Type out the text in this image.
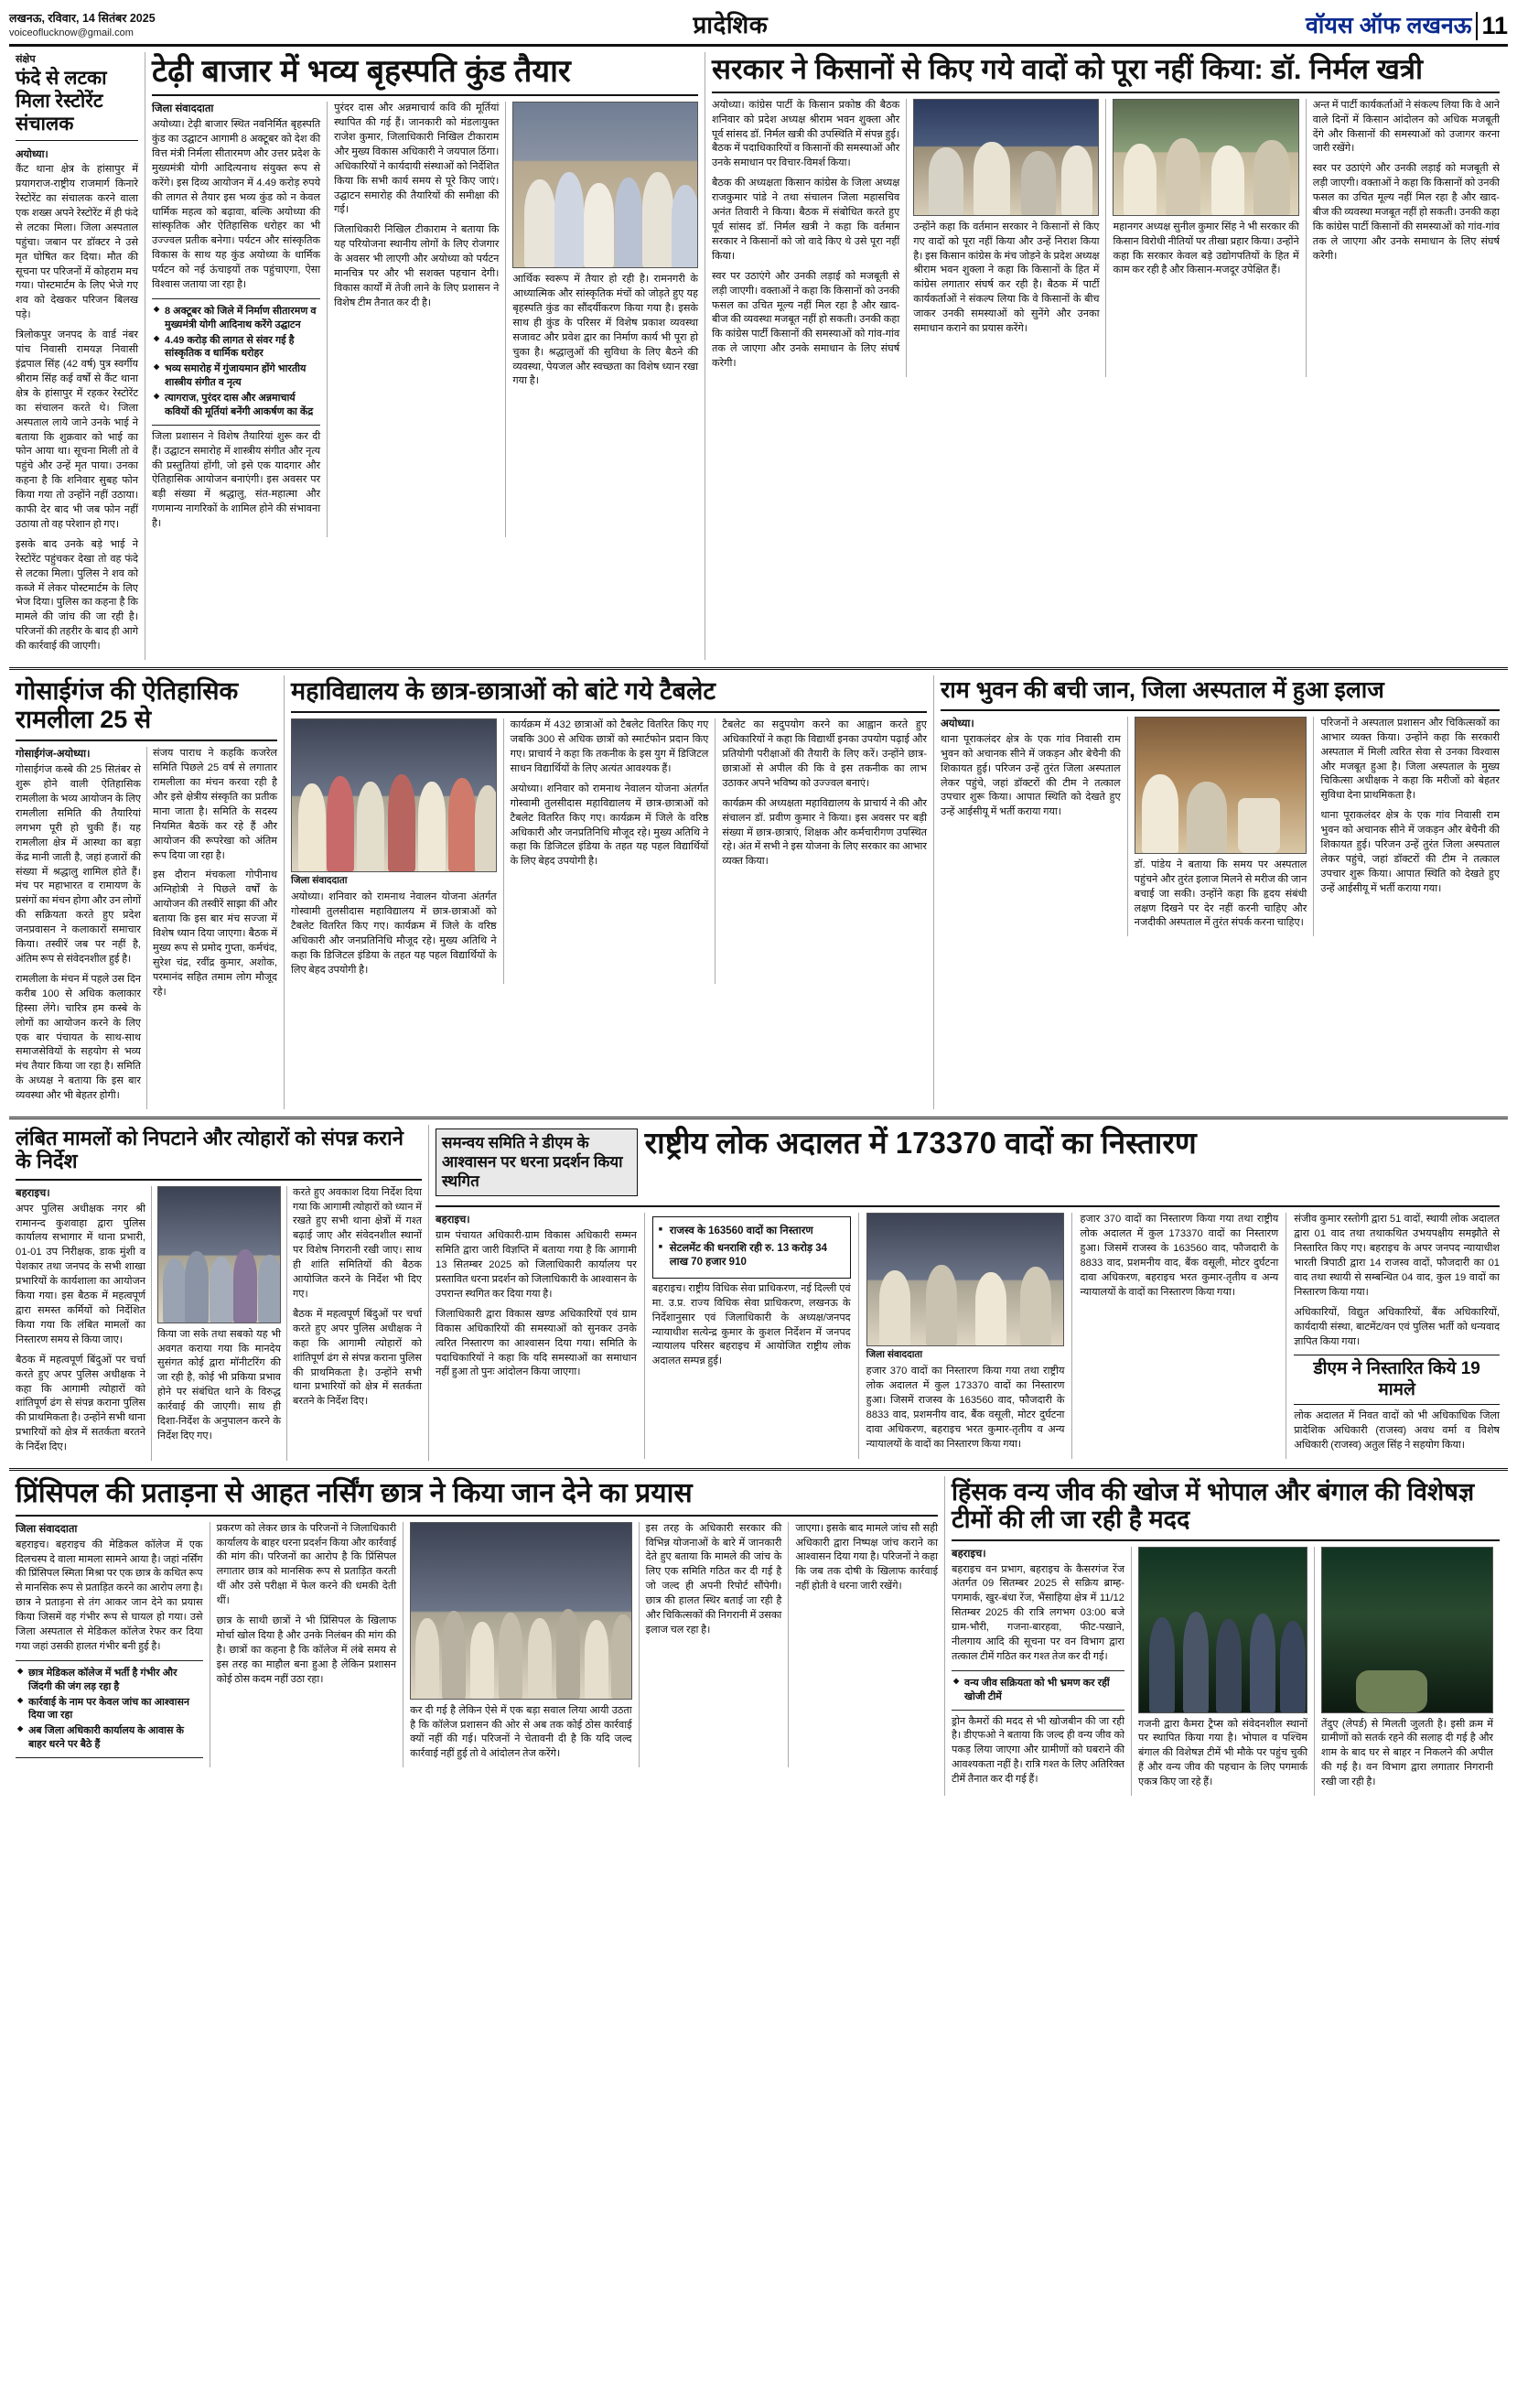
लखनऊ, रविवार, 14 सितंबर 2025
voiceoflucknow@gmail.com	प्रादेशिक	वॉयस ऑफ लखनऊ 11
संक्षेप
फंदे से लटका मिला रेस्टोरेंट संचालक

अयोध्या।

कैंट थाना क्षेत्र के हांसापुर में प्रयागराज-राष्ट्रीय राजमार्ग किनारे रेस्टोरेंट का संचालक करने वाला एक शख्स अपने रेस्टोरेंट में ही फंदे से लटका मिला। जिला अस्पताल पहुंचा। जबान पर डॉक्टर ने उसे मृत घोषित कर दिया। मौत की सूचना पर परिजनों में कोहराम मच गया। पोस्टमार्टम के लिए भेजे गए शव को देखकर परिजन बिलख पड़े।

त्रिलोकपुर जनपद के वार्ड नंबर पांच निवासी रामयज्ञ निवासी इंद्रपाल सिंह (42 वर्ष) पुत्र स्वर्गीय श्रीराम सिंह कई वर्षों से कैंट थाना क्षेत्र के हांसापुर में रहकर रेस्टोरेंट का संचालन करते थे। जिला अस्पताल लाये जाने उनके भाई ने बताया कि शुक्रवार को भाई का फोन आया था। सूचना मिली तो वे पहुंचे और उन्हें मृत पाया। उनका कहना है कि शनिवार सुबह फोन किया गया तो उन्होंने नहीं उठाया। काफी देर बाद भी जब फोन नहीं उठाया तो वह परेशान हो गए।

इसके बाद उनके बड़े भाई ने रेस्टोरेंट पहुंचकर देखा तो वह फंदे से लटका मिला। पुलिस ने शव को कब्जे में लेकर पोस्टमार्टम के लिए भेज दिया। पुलिस का कहना है कि मामले की जांच की जा रही है। परिजनों की तहरीर के बाद ही आगे की कार्रवाई की जाएगी।

टेढ़ी बाजार में भव्य बृहस्पति कुंड तैयार
जिला संवाददाता

अयोध्या। टेढ़ी बाजार स्थित नवनिर्मित बृहस्पति कुंड का उद्घाटन आगामी 8 अक्टूबर को देश की वित्त मंत्री निर्मला सीतारमण और उत्तर प्रदेश के मुख्यमंत्री योगी आदित्यनाथ संयुक्त रूप से करेंगे। इस दिव्य आयोजन में 4.49 करोड़ रुपये की लागत से तैयार इस भव्य कुंड को न केवल धार्मिक महत्व को बढ़ावा, बल्कि अयोध्या की सांस्कृतिक और ऐतिहासिक धरोहर का भी उज्ज्वल प्रतीक बनेगा। पर्यटन और सांस्कृतिक विकास के साथ यह कुंड अयोध्या के धार्मिक पर्यटन को नई ऊंचाइयों तक पहुंचाएगा, ऐसा विश्वास जताया जा रहा है।

◆ 8 अक्टूबर को जिले में निर्माण सीतारमण व मुख्यमंत्री योगी आदिनाथ करेंगे उद्घाटन
◆ 4.49 करोड़ की लागत से संवर गई है सांस्कृतिक व धार्मिक धरोहर
◆ भव्य समारोह में गुंजायमान होंगे भारतीय शास्त्रीय संगीत व नृत्य
◆ त्यागराज, पुरंदर दास और अन्नमाचार्य कवियों की मूर्तियां बनेंगी आकर्षण का केंद्र

जिला प्रशासन ने विशेष तैयारियां शुरू कर दी हैं। उद्घाटन समारोह में शास्त्रीय संगीत और नृत्य की प्रस्तुतियां होंगी, जो इसे एक यादगार और ऐतिहासिक आयोजन बनाएंगी। इस अवसर पर बड़ी संख्या में श्रद्धालु, संत-महात्मा और गणमान्य नागरिकों के शामिल होने की संभावना है।

पुरंदर दास और अन्नमाचार्य कवि की मूर्तियां स्थापित की गई हैं। जानकारी को मंडलायुक्त राजेश कुमार, जिलाधिकारी निखिल टीकाराम और मुख्य विकास अधिकारी ने जयपाल ठिंगा। अधिकारियों ने कार्यदायी संस्थाओं को निर्देशित किया कि सभी कार्य समय से पूरे किए जाएं। उद्घाटन समारोह की तैयारियों की समीक्षा की गई।

जिलाधिकारी निखिल टीकाराम ने बताया कि यह परियोजना स्थानीय लोगों के लिए रोजगार के अवसर भी लाएगी और अयोध्या को पर्यटन मानचित्र पर और भी सशक्त पहचान देगी। विकास कार्यों में तेजी लाने के लिए प्रशासन ने विशेष टीम तैनात कर दी है।

आर्थिक स्वरूप में तैयार हो रही है। रामनगरी के आध्यात्मिक और सांस्कृतिक मंचों को जोड़ते हुए यह बृहस्पति कुंड का सौंदर्यीकरण किया गया है। इसके साथ ही कुंड के परिसर में विशेष प्रकाश व्यवस्था सजावट और प्रवेश द्वार का निर्माण कार्य भी पूरा हो चुका है। श्रद्धालुओं की सुविधा के लिए बैठने की व्यवस्था, पेयजल और स्वच्छता का विशेष ध्यान रखा गया है।

सरकार ने किसानों से किए गये वादों को पूरा नहीं किया: डॉ. निर्मल खत्री

अयोध्या। कांग्रेस पार्टी के किसान प्रकोष्ठ की बैठक शनिवार को प्रदेश अध्यक्ष श्रीराम भवन शुक्ला और पूर्व सांसद डॉ. निर्मल खत्री की उपस्थिति में संपन्न हुई। बैठक में पदाधिकारियों व किसानों की समस्याओं और उनके समाधान पर विचार-विमर्श किया।

बैठक की अध्यक्षता किसान कांग्रेस के जिला अध्यक्ष राजकुमार पांडे ने तथा संचालन जिला महासचिव अनंत तिवारी ने किया। बैठक में संबोधित करते हुए पूर्व सांसद डॉ. निर्मल खत्री ने कहा कि वर्तमान सरकार ने किसानों को जो वादे किए थे उसे पूरा नहीं किया।

स्वर पर उठाएंगे और उनकी लड़ाई को मजबूती से लड़ी जाएगी। वक्ताओं ने कहा कि किसानों को उनकी फसल का उचित मूल्य नहीं मिल रहा है और खाद-बीज की व्यवस्था मजबूत नहीं हो सकती। उनकी कहा कि कांग्रेस पार्टी किसानों की समस्याओं को गांव-गांव तक ले जाएगा और उनके समाधान के लिए संघर्ष करेगी।

उन्होंने कहा कि वर्तमान सरकार ने किसानों से किए गए वादों को पूरा नहीं किया और उन्हें निराश किया है। इस किसान कांग्रेस के मंच जोड़ने के प्रदेश अध्यक्ष श्रीराम भवन शुक्ला ने कहा कि किसानों के हित में कांग्रेस लगातार संघर्ष कर रही है। बैठक में पार्टी कार्यकर्ताओं ने संकल्प लिया कि वे किसानों के बीच जाकर उनकी समस्याओं को सुनेंगे और उनका समाधान कराने का प्रयास करेंगे।

महानगर अध्यक्ष सुनील कुमार सिंह ने भी सरकार की किसान विरोधी नीतियों पर तीखा प्रहार किया। उन्होंने कहा कि सरकार केवल बड़े उद्योगपतियों के हित में काम कर रही है और किसान-मजदूर उपेक्षित हैं।

अन्त में पार्टी कार्यकर्ताओं ने संकल्प लिया कि वे आने वाले दिनों में किसान आंदोलन को अधिक मजबूती देंगे और किसानों की समस्याओं को उजागर करना जारी रखेंगे।

स्वर पर उठाएंगे और उनकी लड़ाई को मजबूती से लड़ी जाएगी। वक्ताओं ने कहा कि किसानों को उनकी फसल का उचित मूल्य नहीं मिल रहा है और खाद-बीज की व्यवस्था मजबूत नहीं हो सकती। उनकी कहा कि कांग्रेस पार्टी किसानों की समस्याओं को गांव-गांव तक ले जाएगा और उनके समाधान के लिए संघर्ष करेगी।

गोसाईगंज की ऐतिहासिक रामलीला 25 से
गोसाईगंज-अयोध्या।

गोसाईगंज कस्बे की 25 सितंबर से शुरू होने वाली ऐतिहासिक रामलीला के भव्य आयोजन के लिए रामलीला समिति की तैयारियां लगभग पूरी हो चुकी हैं। यह रामलीला क्षेत्र में आस्था का बड़ा केंद्र मानी जाती है, जहां हजारों की संख्या में श्रद्धालु शामिल होते हैं। मंच पर महाभारत व रामायण के प्रसंगों का मंचन होगा और उन लोगों की सक्रियता करते हुए प्रदेश जनप्रवासन ने कलाकारों समाचार किया। तस्वीरें जब पर नहीं है, अंतिम रूप से संवेदनशील हुई है।

रामलीला के मंचन में पहले उस दिन करीब 100 से अधिक कलाकार हिस्सा लेंगे। चारित्र हम कस्बे के लोगों का आयोजन करने के लिए एक बार पंचायत के साथ-साथ समाजसेवियों के सहयोग से भव्य मंच तैयार किया जा रहा है। समिति के अध्यक्ष ने बताया कि इस बार व्यवस्था और भी बेहतर होगी।

संजय पाराध ने कहकि कजरेल समिति पिछले 25 वर्ष से लगातार रामलीला का मंचन करवा रही है और इसे क्षेत्रीय संस्कृति का प्रतीक माना जाता है। समिति के सदस्य नियमित बैठकें कर रहे हैं और आयोजन की रूपरेखा को अंतिम रूप दिया जा रहा है।

इस दौरान मंचकला गोपीनाथ अग्निहोत्री ने पिछले वर्षों के आयोजन की तस्वीरें साझा कीं और बताया कि इस बार मंच सज्जा में विशेष ध्यान दिया जाएगा। बैठक में मुख्य रूप से प्रमोद गुप्ता, कर्मचंद, सुरेश चंद्र, रवींद्र कुमार, अशोक, परमानंद सहित तमाम लोग मौजूद रहे।

महाविद्यालय के छात्र-छात्राओं को बांटे गये टैबलेट
जिला संवाददाता

अयोध्या। शनिवार को रामनाथ नेवालन योजना अंतर्गत गोस्वामी तुलसीदास महाविद्यालय में छात्र-छात्राओं को टैबलेट वितरित किए गए। कार्यक्रम में जिले के वरिष्ठ अधिकारी और जनप्रतिनिधि मौजूद रहे। मुख्य अतिथि ने कहा कि डिजिटल इंडिया के तहत यह पहल विद्यार्थियों के लिए बेहद उपयोगी है।

कार्यक्रम में 432 छात्राओं को टैबलेट वितरित किए गए जबकि 300 से अधिक छात्रों को स्मार्टफोन प्रदान किए गए। प्राचार्य ने कहा कि तकनीक के इस युग में डिजिटल साधन विद्यार्थियों के लिए अत्यंत आवश्यक हैं।

अयोध्या। शनिवार को रामनाथ नेवालन योजना अंतर्गत गोस्वामी तुलसीदास महाविद्यालय में छात्र-छात्राओं को टैबलेट वितरित किए गए। कार्यक्रम में जिले के वरिष्ठ अधिकारी और जनप्रतिनिधि मौजूद रहे। मुख्य अतिथि ने कहा कि डिजिटल इंडिया के तहत यह पहल विद्यार्थियों के लिए बेहद उपयोगी है।

टैबलेट का सदुपयोग करने का आह्वान करते हुए अधिकारियों ने कहा कि विद्यार्थी इनका उपयोग पढ़ाई और प्रतियोगी परीक्षाओं की तैयारी के लिए करें। उन्होंने छात्र-छात्राओं से अपील की कि वे इस तकनीक का लाभ उठाकर अपने भविष्य को उज्ज्वल बनाएं।

कार्यक्रम की अध्यक्षता महाविद्यालय के प्राचार्य ने की और संचालन डॉ. प्रवीण कुमार ने किया। इस अवसर पर बड़ी संख्या में छात्र-छात्राएं, शिक्षक और कर्मचारीगण उपस्थित रहे। अंत में सभी ने इस योजना के लिए सरकार का आभार व्यक्त किया।

राम भुवन की बची जान, जिला अस्पताल में हुआ इलाज
अयोध्या।

थाना पूराकलंदर क्षेत्र के एक गांव निवासी राम भुवन को अचानक सीने में जकड़न और बेचैनी की शिकायत हुई। परिजन उन्हें तुरंत जिला अस्पताल लेकर पहुंचे, जहां डॉक्टरों की टीम ने तत्काल उपचार शुरू किया। आपात स्थिति को देखते हुए उन्हें आईसीयू में भर्ती कराया गया।

डॉ. पांडेय ने बताया कि समय पर अस्पताल पहुंचने और तुरंत इलाज मिलने से मरीज की जान बचाई जा सकी। उन्होंने कहा कि हृदय संबंधी लक्षण दिखने पर देर नहीं करनी चाहिए और नजदीकी अस्पताल में तुरंत संपर्क करना चाहिए।

परिजनों ने अस्पताल प्रशासन और चिकित्सकों का आभार व्यक्त किया। उन्होंने कहा कि सरकारी अस्पताल में मिली त्वरित सेवा से उनका विश्वास और मजबूत हुआ है। जिला अस्पताल के मुख्य चिकित्सा अधीक्षक ने कहा कि मरीजों को बेहतर सुविधा देना प्राथमिकता है।

थाना पूराकलंदर क्षेत्र के एक गांव निवासी राम भुवन को अचानक सीने में जकड़न और बेचैनी की शिकायत हुई। परिजन उन्हें तुरंत जिला अस्पताल लेकर पहुंचे, जहां डॉक्टरों की टीम ने तत्काल उपचार शुरू किया। आपात स्थिति को देखते हुए उन्हें आईसीयू में भर्ती कराया गया।

लंबित मामलों को निपटाने और त्योहारों को संपन्न कराने के निर्देश
बहराइच।

अपर पुलिस अधीक्षक नगर श्री रामानन्द कुशवाहा द्वारा पुलिस कार्यालय सभागार में थाना प्रभारी, 01-01 उप निरीक्षक, डाक मुंशी व पेशकार तथा जनपद के सभी शाखा प्रभारियों के कार्यशाला का आयोजन किया गया। इस बैठक में महत्वपूर्ण द्वारा समस्त कर्मियों को निर्देशित किया गया कि लंबित मामलों का निस्तारण समय से किया जाए।

बैठक में महत्वपूर्ण बिंदुओं पर चर्चा करते हुए अपर पुलिस अधीक्षक ने कहा कि आगामी त्योहारों को शांतिपूर्ण ढंग से संपन्न कराना पुलिस की प्राथमिकता है। उन्होंने सभी थाना प्रभारियों को क्षेत्र में सतर्कता बरतने के निर्देश दिए।

किया जा सके तथा सबको यह भी अवगत कराया गया कि मानदेय सुसंगत कोई द्वारा मॉनीटरिंग की जा रही है, कोई भी प्रकिया प्रभाव होने पर संबंधित थाने के विरुद्ध कार्रवाई की जाएगी। साथ ही दिशा-निर्देश के अनुपालन करने के निर्देश दिए गए।

करते हुए अवकाश दिया निर्देश दिया गया कि आगामी त्योहारों को ध्यान में रखते हुए सभी थाना क्षेत्रों में गश्त बढ़ाई जाए और संवेदनशील स्थानों पर विशेष निगरानी रखी जाए। साथ ही शांति समितियों की बैठक आयोजित करने के निर्देश भी दिए गए।

बैठक में महत्वपूर्ण बिंदुओं पर चर्चा करते हुए अपर पुलिस अधीक्षक ने कहा कि आगामी त्योहारों को शांतिपूर्ण ढंग से संपन्न कराना पुलिस की प्राथमिकता है। उन्होंने सभी थाना प्रभारियों को क्षेत्र में सतर्कता बरतने के निर्देश दिए।

समन्वय समिति ने डीएम के आश्वासन पर धरना प्रदर्शन किया स्थगित
राष्ट्रीय लोक अदालत में 173370 वादों का निस्तारण
बहराइच।

ग्राम पंचायत अधिकारी-ग्राम विकास अधिकारी सम्मन समिति द्वारा जारी विज्ञप्ति में बताया गया है कि आगामी 13 सितम्बर 2025 को जिलाधिकारी कार्यालय पर प्रस्तावित धरना प्रदर्शन को जिलाधिकारी के आश्वासन के उपरान्त स्थगित कर दिया गया है।

जिलाधिकारी द्वारा विकास खण्ड अधिकारियों एवं ग्राम विकास अधिकारियों की समस्याओं को सुनकर उनके त्वरित निस्तारण का आश्वासन दिया गया। समिति के पदाधिकारियों ने कहा कि यदि समस्याओं का समाधान नहीं हुआ तो पुनः आंदोलन किया जाएगा।

■ राजस्व के 163560 वादों का निस्तारण
■ सेटलमेंट की धनराशि रही रु. 13 करोड़ 34 लाख 70 हजार 910

बहराइच। राष्ट्रीय विधिक सेवा प्राधिकरण, नई दिल्ली एवं मा. उ.प्र. राज्य विधिक सेवा प्राधिकरण, लखनऊ के निर्देशानुसार एवं जिलाधिकारी के अध्यक्ष/जनपद न्यायाधीश सत्येन्द्र कुमार के कुशल निर्देशन में जनपद न्यायालय परिसर बहराइच में आयोजित राष्ट्रीय लोक अदालत सम्पन्न हुई।

जिला संवाददाता

हजार 370 वादों का निस्तारण किया गया तथा राष्ट्रीय लोक अदालत में कुल 173370 वादों का निस्तारण हुआ। जिसमें राजस्व के 163560 वाद, फौजदारी के 8833 वाद, प्रशमनीय वाद, बैंक वसूली, मोटर दुर्घटना दावा अधिकरण, बहराइच भरत कुमार-तृतीय व अन्य न्यायालयों के वादों का निस्तारण किया गया।

हजार 370 वादों का निस्तारण किया गया तथा राष्ट्रीय लोक अदालत में कुल 173370 वादों का निस्तारण हुआ। जिसमें राजस्व के 163560 वाद, फौजदारी के 8833 वाद, प्रशमनीय वाद, बैंक वसूली, मोटर दुर्घटना दावा अधिकरण, बहराइच भरत कुमार-तृतीय व अन्य न्यायालयों के वादों का निस्तारण किया गया।

संजीव कुमार रस्तोगी द्वारा 51 वादों, स्थायी लोक अदालत द्वारा 01 वाद तथा तथाकथित उभयपक्षीय समझौते से निस्तारित किए गए। बहराइच के अपर जनपद न्यायाधीश भारती त्रिपाठी द्वारा 14 राजस्व वादों, फौजदारी का 01 वाद तथा स्थायी से सम्बन्धित 04 वाद, कुल 19 वादों का निस्तारण किया गया।

अधिकारियों, विद्युत अधिकारियों, बैंक अधिकारियों, कार्यदायी संस्था, बाटमेंट/वन एवं पुलिस भर्ती को धन्यवाद ज्ञापित किया गया।

डीएम ने निस्तारित किये 19 मामले

लोक अदालत में निवत वादों को भी अधिकाधिक जिला प्रादेशिक अधिकारी (राजस्व) अवध वर्मा व विशेष अधिकारी (राजस्व) अतुल सिंह ने सहयोग किया।

प्रिंसिपल की प्रताड़ना से आहत नर्सिंग छात्र ने किया जान देने का प्रयास
जिला संवाददाता

बहराइच। बहराइच की मेडिकल कॉलेज में एक दिलचस्प दे वाला मामला सामने आया है। जहां नर्सिंग की प्रिंसिपल स्मिता मिश्रा पर एक छात्र के कथित रूप से मानसिक रूप से प्रताड़ित करने का आरोप लगा है। छात्र ने प्रताड़ना से तंग आकर जान देने का प्रयास किया जिसमें वह गंभीर रूप से घायल हो गया। उसे जिला अस्पताल से मेडिकल कॉलेज रेफर कर दिया गया जहां उसकी हालत गंभीर बनी हुई है।

◆ छात्र मेडिकल कॉलेज में भर्ती है गंभीर और जिंदगी की जंग लड़ रहा है
◆ कार्रवाई के नाम पर केवल जांच का आश्वासन दिया जा रहा
◆ अब जिला अधिकारी कार्यालय के आवास के बाहर धरने पर बैठे हैं

प्रकरण को लेकर छात्र के परिजनों ने जिलाधिकारी कार्यालय के बाहर धरना प्रदर्शन किया और कार्रवाई की मांग की। परिजनों का आरोप है कि प्रिंसिपल लगातार छात्र को मानसिक रूप से प्रताड़ित करती थीं और उसे परीक्षा में फेल करने की धमकी देती थीं।

छात्र के साथी छात्रों ने भी प्रिंसिपल के खिलाफ मोर्चा खोल दिया है और उनके निलंबन की मांग की है। छात्रों का कहना है कि कॉलेज में लंबे समय से इस तरह का माहौल बना हुआ है लेकिन प्रशासन कोई ठोस कदम नहीं उठा रहा।

कर दी गई है लेकिन ऐसे में एक बड़ा सवाल लिया आयी उठता है कि कॉलेज प्रशासन की ओर से अब तक कोई ठोस कार्रवाई क्यों नहीं की गई। परिजनों ने चेतावनी दी है कि यदि जल्द कार्रवाई नहीं हुई तो वे आंदोलन तेज करेंगे।

इस तरह के अधिकारी सरकार की विभिन्न योजनाओं के बारे में जानकारी देते हुए बताया कि मामले की जांच के लिए एक समिति गठित कर दी गई है जो जल्द ही अपनी रिपोर्ट सौंपेगी। छात्र की हालत स्थिर बताई जा रही है और चिकित्सकों की निगरानी में उसका इलाज चल रहा है।

जाएगा। इसके बाद मामले जांच सौ सही अधिकारी द्वारा निष्पक्ष जांच कराने का आश्वासन दिया गया है। परिजनों ने कहा कि जब तक दोषी के खिलाफ कार्रवाई नहीं होती वे धरना जारी रखेंगे।

हिंसक वन्य जीव की खोज में भोपाल और बंगाल की विशेषज्ञ टीमों की ली जा रही है मदद
बहराइच।

बहराइच वन प्रभाग, बहराइच के कैसरगंज रेंज अंतर्गत 09 सितम्बर 2025 से सक्रिय ब्राम्ह-पगमार्क, खुर-बंधा रेंज, भैंसाहिया क्षेत्र में 11/12 सितम्बर 2025 की रात्रि लगभग 03:00 बजे ग्राम-भौरी, गजना-बारहवा, फीट-पखाने, नीलगाय आदि की सूचना पर वन विभाग द्वारा तत्काल टीमें गठित कर गश्त तेज कर दी गई।

◆ वन्य जीव सक्रियता को भी भ्रमण कर रहीं खोजी टीमें

ड्रोन कैमरों की मदद से भी खोजबीन की जा रही है। डीएफओ ने बताया कि जल्द ही वन्य जीव को पकड़ लिया जाएगा और ग्रामीणों को घबराने की आवश्यकता नहीं है। रात्रि गश्त के लिए अतिरिक्त टीमें तैनात कर दी गई हैं।

गजनी द्वारा कैमरा ट्रैप्स को संवेदनशील स्थानों पर स्थापित किया गया है। भोपाल व पश्चिम बंगाल की विशेषज्ञ टीमें भी मौके पर पहुंच चुकी हैं और वन्य जीव की पहचान के लिए पगमार्क एकत्र किए जा रहे हैं।

तेंदुए (लेपर्ड) से मिलती जुलती है। इसी क्रम में ग्रामीणों को सतर्क रहने की सलाह दी गई है और शाम के बाद घर से बाहर न निकलने की अपील की गई है। वन विभाग द्वारा लगातार निगरानी रखी जा रही है।
